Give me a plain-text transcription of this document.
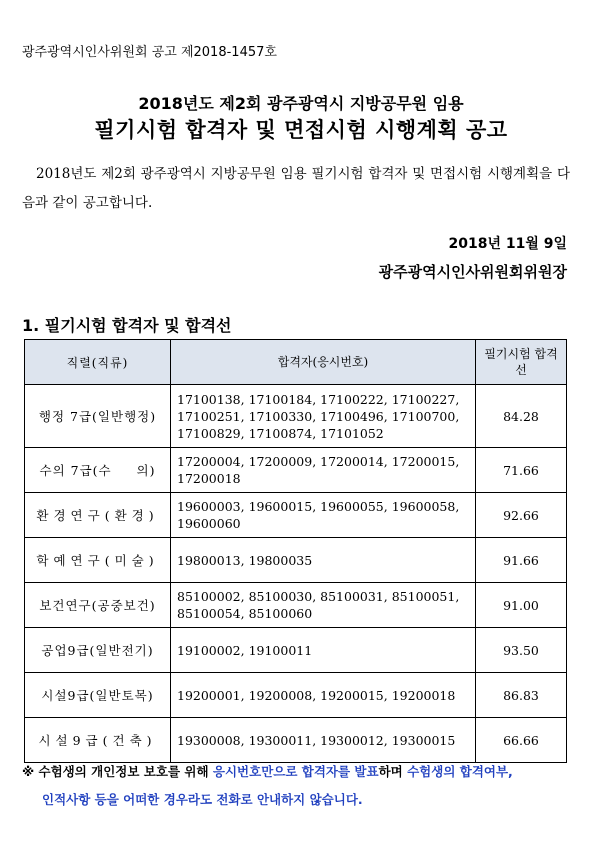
광주광역시인사위원회 공고 제2018-1457호
2018년도 제2회 광주광역시 지방공무원 임용
필기시험 합격자 및 면접시험 시행계획 공고
2018년도 제2회 광주광역시 지방공무원 임용 필기시험 합격자 및 면접시험 시행계획을 다음과 같이 공고합니다.
2018년 11월 9일
광주광역시인사위원회위원장
1. 필기시험 합격자 및 합격선
직렬(직류)	합격자(응시번호)	필기시험 합격선
행정 7급(일반행정)	17100138, 17100184, 17100222, 17100227, 17100251, 17100330, 17100496, 17100700, 17100829, 17100874, 17101052	84.28
수의 7급(수     의)	17200004, 17200009, 17200014, 17200015, 17200018	71.66
환경연구(환경)	19600003, 19600015, 19600055, 19600058, 19600060	92.66
학예연구(미술)	19800013, 19800035	91.66
보건연구(공중보건)	85100002, 85100030, 85100031, 85100051, 85100054, 85100060	91.00
공업9급(일반전기)	19100002, 19100011	93.50
시설9급(일반토목)	19200001, 19200008, 19200015, 19200018	86.83
시설9급(건축)	19300008, 19300011, 19300012, 19300015	66.66
※ 수험생의 개인정보 보호를 위해 응시번호만으로 합격자를 발표하며 수험생의 합격여부,
인적사항 등을 어떠한 경우라도 전화로 안내하지 않습니다.
